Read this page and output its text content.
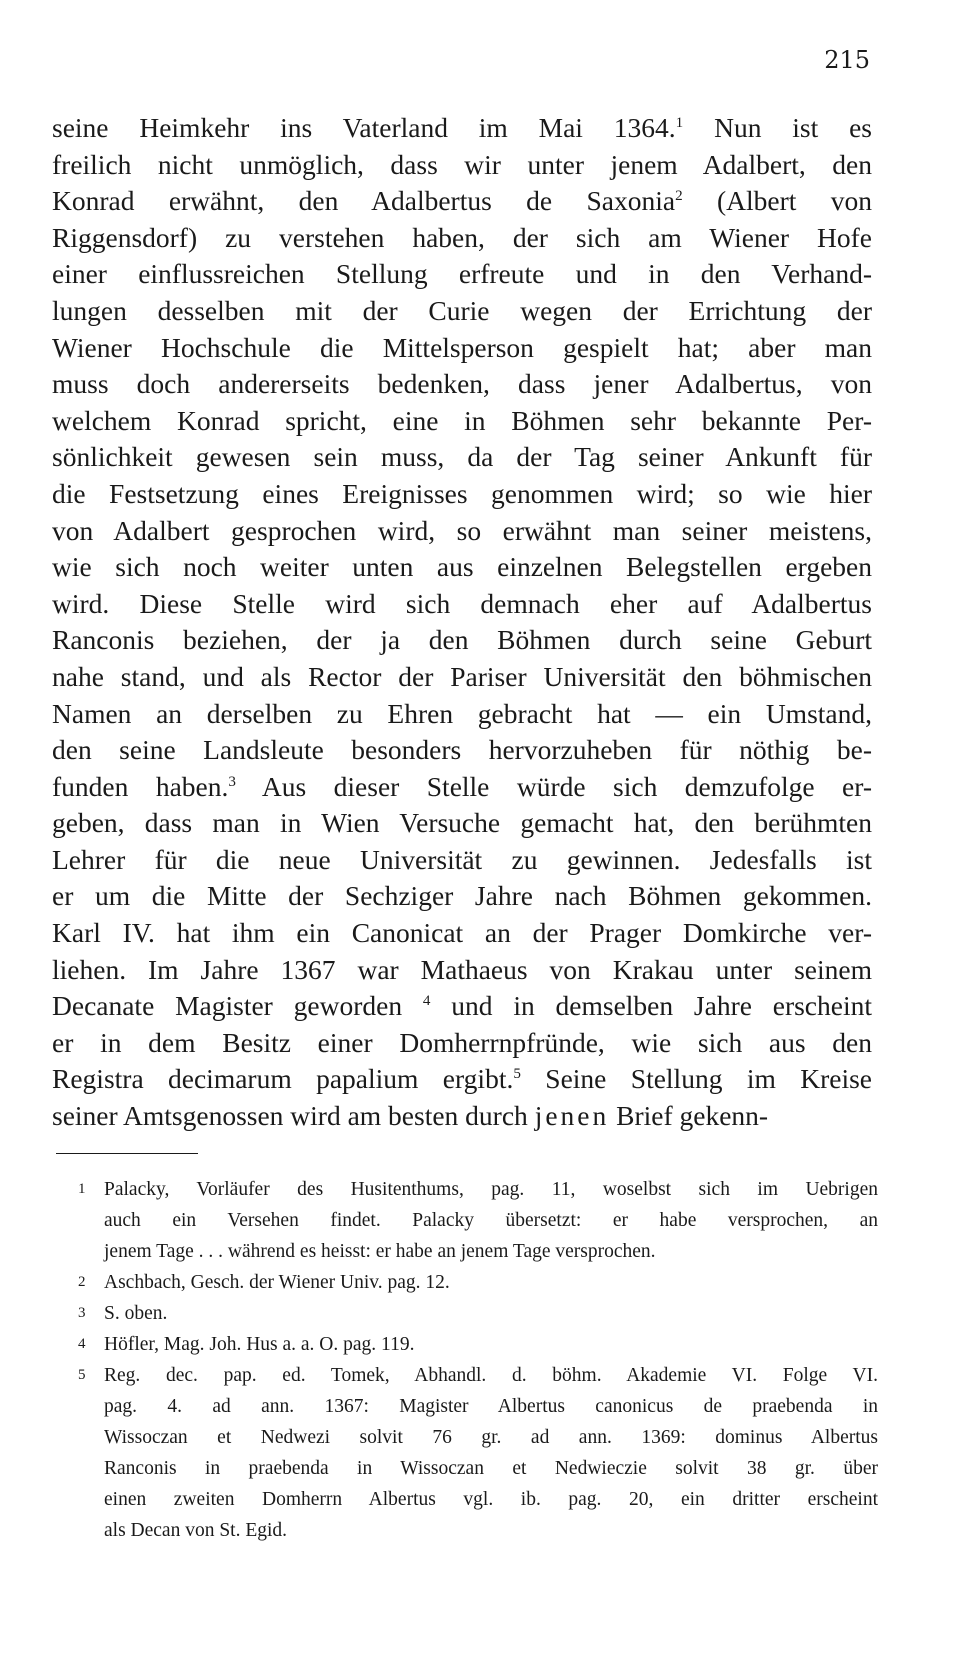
215
seine Heimkehr ins Vaterland im Mai 1364.$^1$ Nun ist es
freilich nicht unmöglich, dass wir unter jenem Adalbert, den
Konrad erwähnt, den Adalbertus de Saxonia$^2$ (Albert von
Riggensdorf) zu verstehen haben, der sich am Wiener Hofe
einer einflussreichen Stellung erfreute und in den Verhand-
lungen desselben mit der Curie wegen der Errichtung der
Wiener Hochschule die Mittelsperson gespielt hat; aber man
muss doch andererseits bedenken, dass jener Adalbertus, von
welchem Konrad spricht, eine in Böhmen sehr bekannte Per-
sönlichkeit gewesen sein muss, da der Tag seiner Ankunft für
die Festsetzung eines Ereignisses genommen wird; so wie hier
von Adalbert gesprochen wird, so erwähnt man seiner meistens,
wie sich noch weiter unten aus einzelnen Belegstellen ergeben
wird. Diese Stelle wird sich demnach eher auf Adalbertus
Ranconis beziehen, der ja den Böhmen durch seine Geburt
nahe stand, und als Rector der Pariser Universität den böhmischen
Namen an derselben zu Ehren gebracht hat — ein Umstand,
den seine Landsleute besonders hervorzuheben für nöthig be-
funden haben.$^3$ Aus dieser Stelle würde sich demzufolge er-
geben, dass man in Wien Versuche gemacht hat, den berühmten
Lehrer für die neue Universität zu gewinnen. Jedesfalls ist
er um die Mitte der Sechziger Jahre nach Böhmen gekommen.
Karl IV. hat ihm ein Canonicat an der Prager Domkirche ver-
liehen. Im Jahre 1367 war Mathaeus von Krakau unter seinem
Decanate Magister geworden $^4$ und in demselben Jahre erscheint
er in dem Besitz einer Domherrnpfründe, wie sich aus den
Registra decimarum papalium ergibt.$^5$ Seine Stellung im Kreise
seiner Amtsgenossen wird am besten durch jenen Brief gekenn-
1 Palacky, Vorläufer des Husitenthums, pag. 11, woselbst sich im Uebrigen
auch ein Versehen findet. Palacky übersetzt: er habe versprochen, an
jenem Tage . . . während es heisst: er habe an jenem Tage versprochen.
2 Aschbach, Gesch. der Wiener Univ. pag. 12.
3 S. oben.
4 Höfler, Mag. Joh. Hus a. a. O. pag. 119.
5 Reg. dec. pap. ed. Tomek, Abhandl. d. böhm. Akademie VI. Folge VI.
pag. 4. ad ann. 1367: Magister Albertus canonicus de praebenda in
Wissoczan et Nedwezi solvit 76 gr. ad ann. 1369: dominus Albertus
Ranconis in praebenda in Wissoczan et Nedwieczie solvit 38 gr. über
einen zweiten Domherrn Albertus vgl. ib. pag. 20, ein dritter erscheint
als Decan von St. Egid.
